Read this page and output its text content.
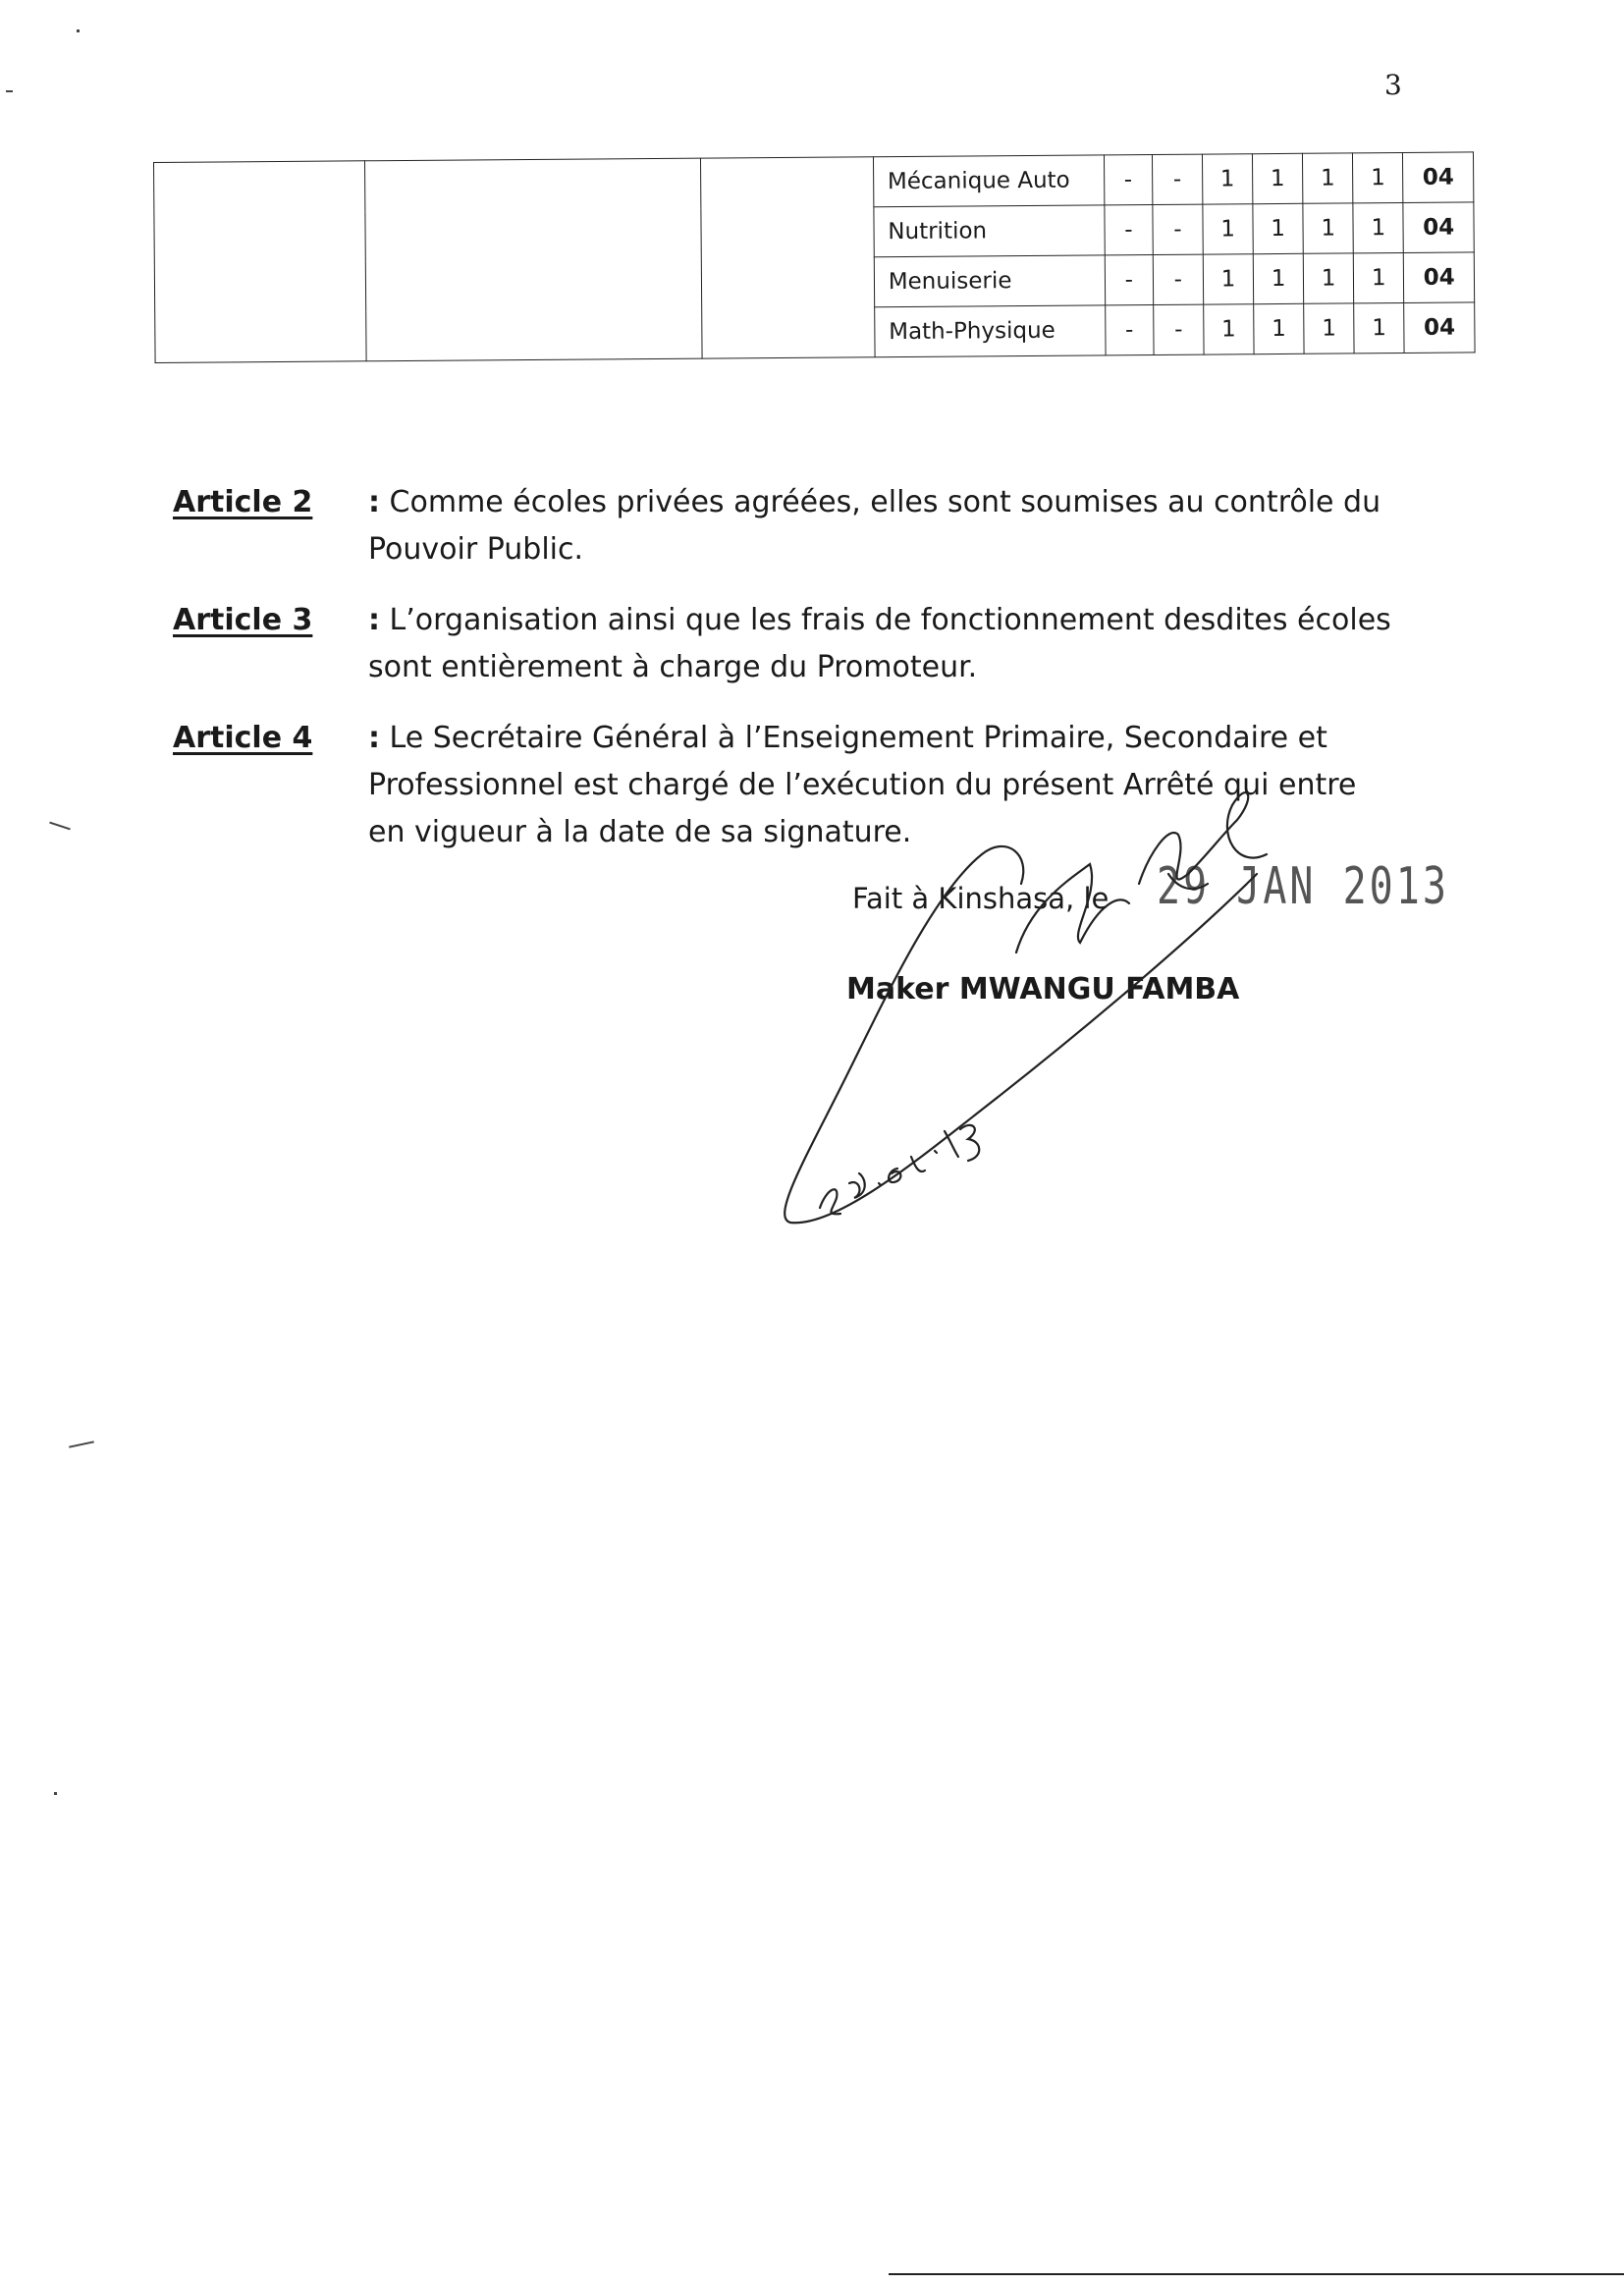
3
			Mécanique Auto	-	-	1	1	1	1	04
			Nutrition	-	-	1	1	1	1	04
			Menuiserie	-	-	1	1	1	1	04
			Math-Physique	-	-	1	1	1	1	04
Article 2 : Comme écoles privées agréées, elles sont soumises au contrôle du Pouvoir Public.
Article 3 : L’organisation ainsi que les frais de fonctionnement desdites écoles sont entièrement à charge du Promoteur.
Article 4 : Le Secrétaire Général à l’Enseignement Primaire, Secondaire et Professionnel est chargé de l’exécution du présent Arrêté qui entre en vigueur à la date de sa signature.
Fait à Kinshasa, le 29 JAN 2013
Maker MWANGU FAMBA
